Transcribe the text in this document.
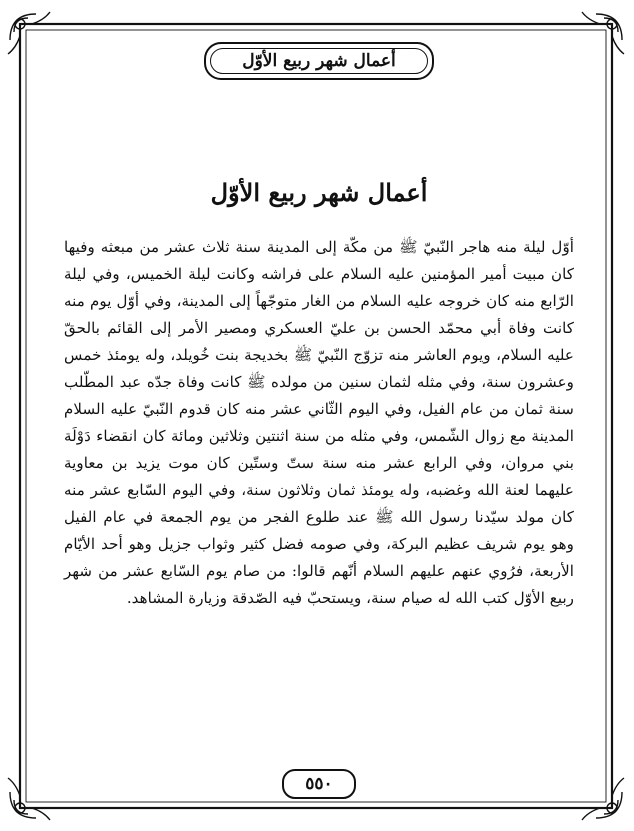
أعمال شهر ربيع الأوّل
أعمال شهر ربيع الأوّل

أوّل ليلة منه هاجر النّبيّ ﷺ من مكّة إلى المدينة سنة ثلاث عشر من مبعثه وفيها كان مبيت أمير المؤمنين عليه السلام على فراشه وكانت ليلة الخميس، وفي ليلة الرّابع منه كان خروجه عليه السلام من الغار متوجّهاً إلى المدينة، وفي أوّل يوم منه كانت وفاة أبي محمّد الحسن بن عليّ العسكري ومصير الأمر إلى القائم بالحقّ عليه السلام، ويوم العاشر منه تزوّج النّبيّ ﷺ بخديجة بنت خُويلد، وله يومئذ خمس وعشرون سنة، وفي مثله لثمان سنين من مولده ﷺ كانت وفاة جدّه عبد المطّلب سنة ثمان من عام الفيل، وفي اليوم الثّاني عشر منه كان قدوم النّبيّ عليه السلام المدينة مع زوال الشّمس، وفي مثله من سنة اثنتين وثلاثين ومائة كان انقضاء دَوْلَة بني مروان، وفي الرابع عشر منه سنة ستّ وستّين كان موت يزيد بن معاوية عليهما لعنة الله وغضبه، وله يومئذ ثمان وثلاثون سنة، وفي اليوم السّابع عشر منه كان مولد سيّدنا رسول الله ﷺ عند طلوع الفجر من يوم الجمعة في عام الفيل وهو يوم شريف عظيم البركة، وفي صومه فضل كثير وثواب جزيل وهو أحد الأيّام الأربعة، فرُوي عنهم عليهم السلام أنّهم قالوا: من صام يوم السّابع عشر من شهر ربيع الأوّل كتب الله له صيام سنة، ويستحبّ فيه الصّدقة وزيارة المشاهد.

٥٥٠
